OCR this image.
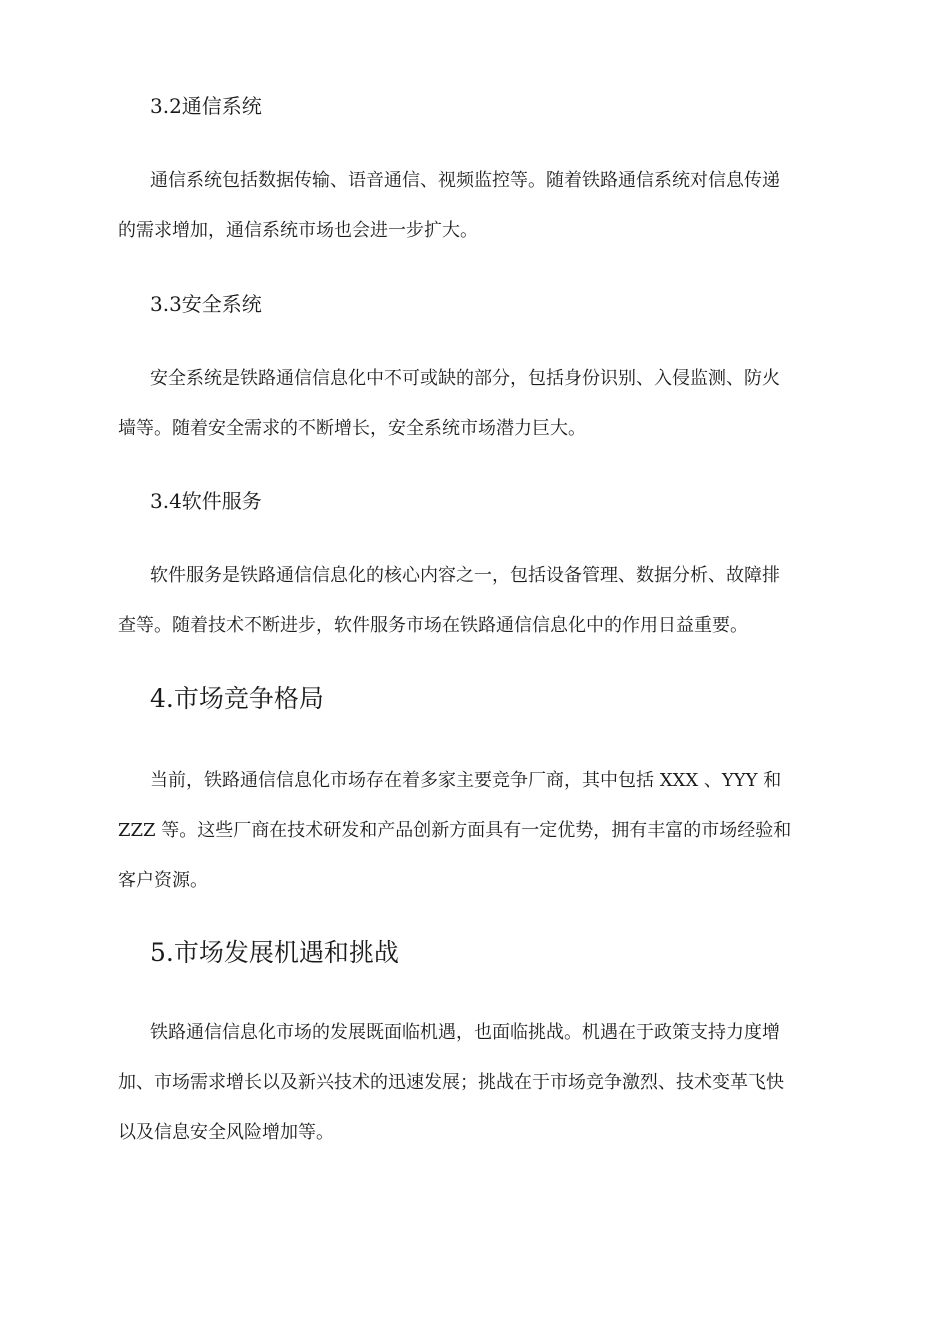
3.2通信系统
通信系统包括数据传输、语音通信、视频监控等。随着铁路通信系统对信息传递
的需求增加，通信系统市场也会进一步扩大。
3.3安全系统
安全系统是铁路通信信息化中不可或缺的部分，包括身份识别、入侵监测、防火
墙等。随着安全需求的不断增长，安全系统市场潜力巨大。
3.4软件服务
软件服务是铁路通信信息化的核心内容之一，包括设备管理、数据分析、故障排
查等。随着技术不断进步，软件服务市场在铁路通信信息化中的作用日益重要。
4.市场竞争格局
当前，铁路通信信息化市场存在着多家主要竞争厂商，其中包括 XXX 、YYY 和
ZZZ 等。这些厂商在技术研发和产品创新方面具有一定优势，拥有丰富的市场经验和
客户资源。
5.市场发展机遇和挑战
铁路通信信息化市场的发展既面临机遇，也面临挑战。机遇在于政策支持力度增
加、市场需求增长以及新兴技术的迅速发展；挑战在于市场竞争激烈、技术变革飞快
以及信息安全风险增加等。
